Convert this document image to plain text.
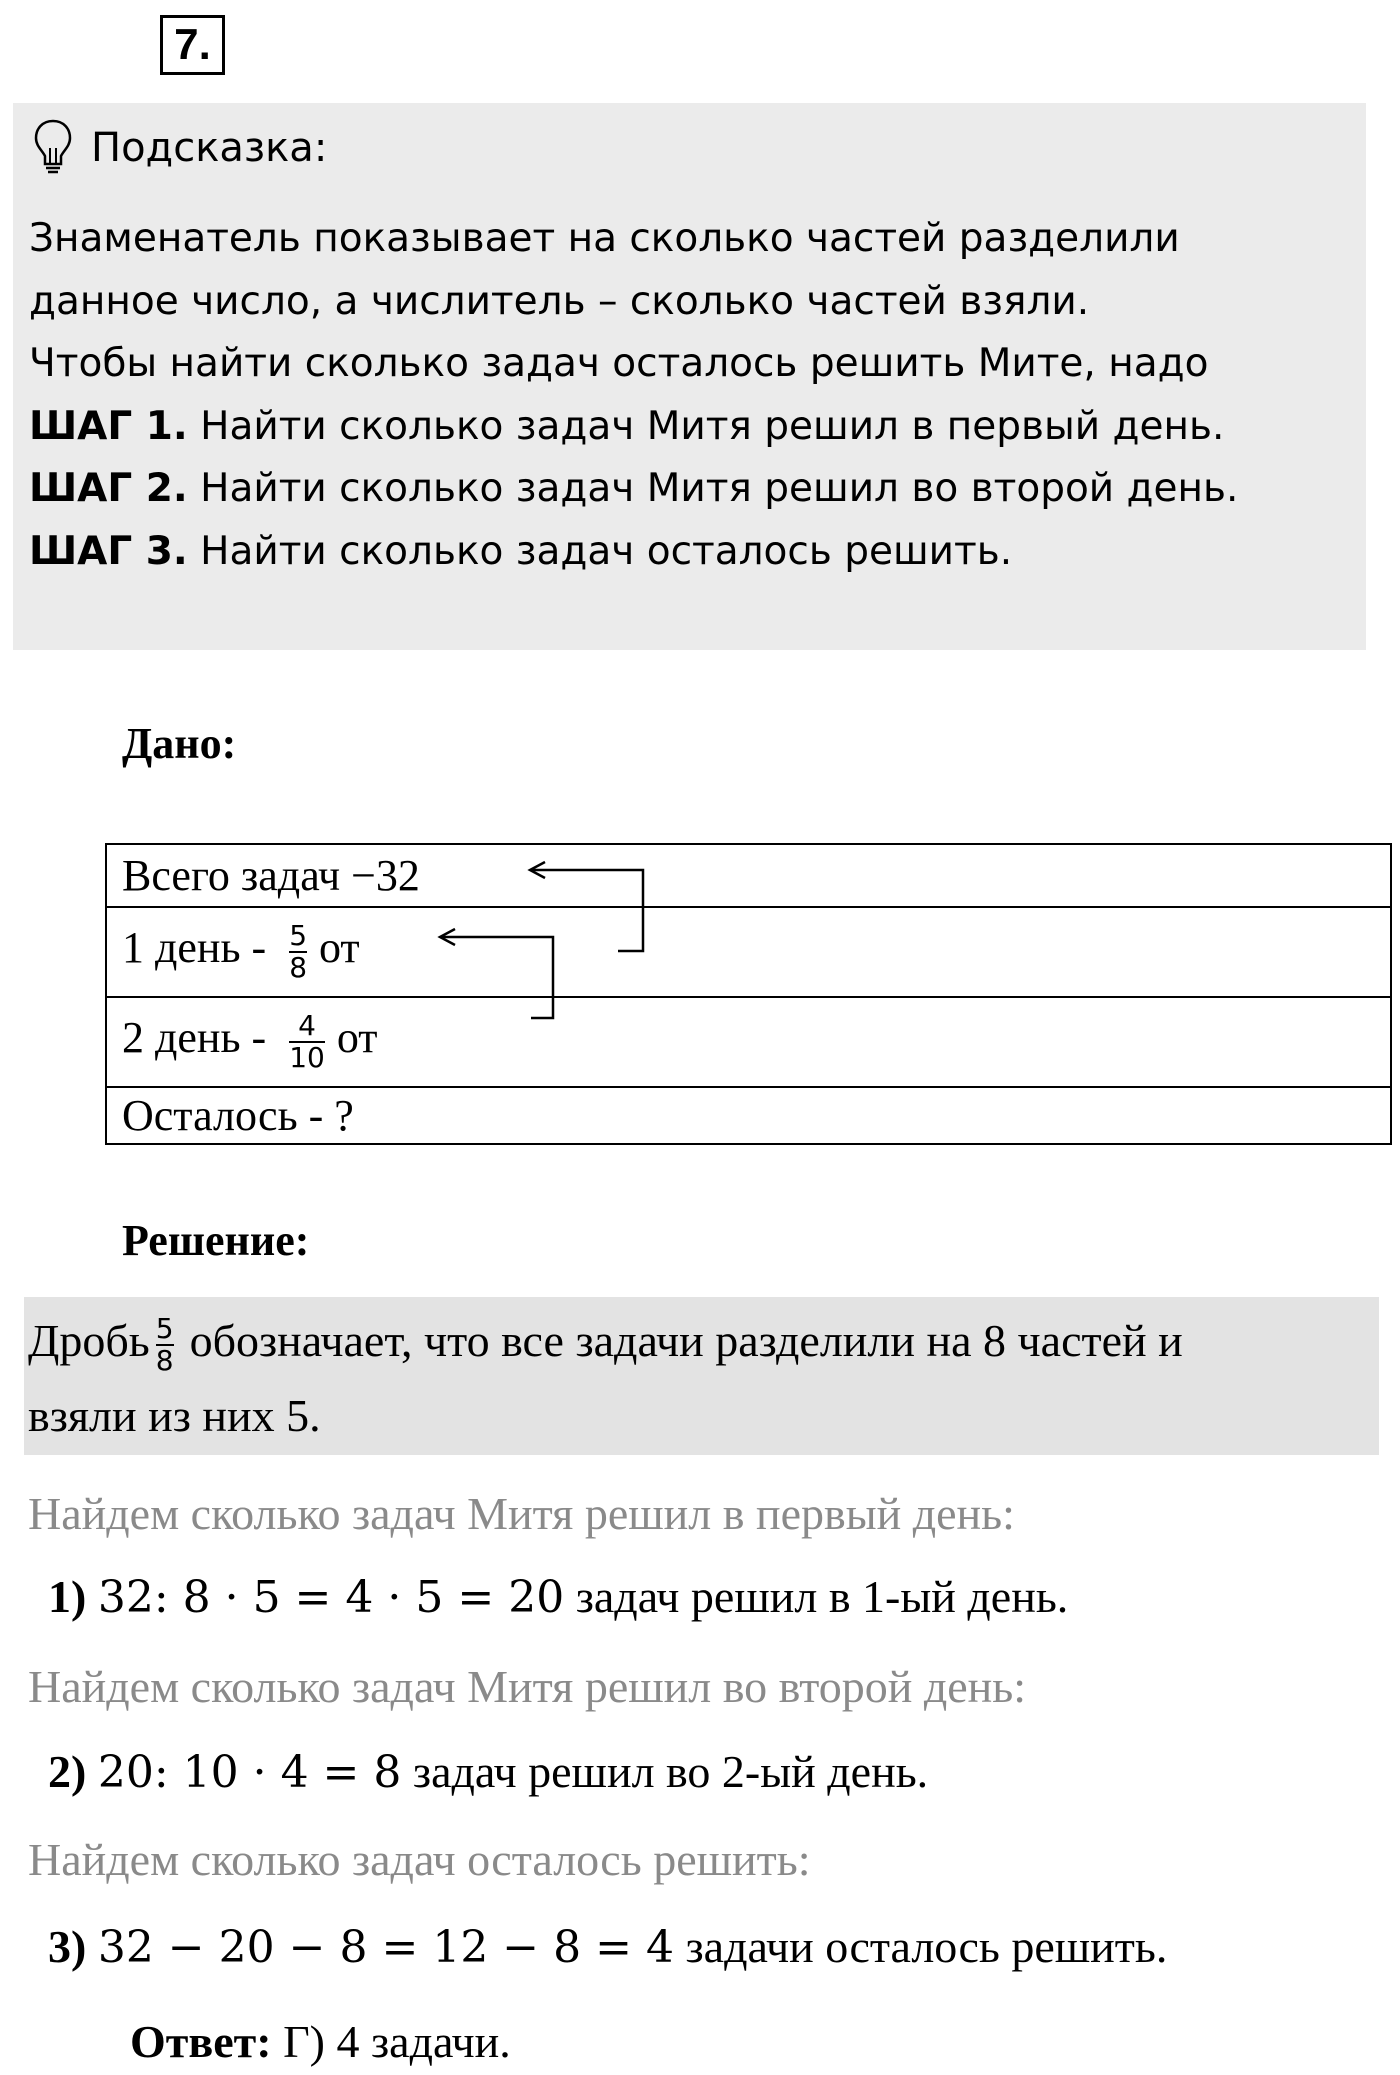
7.
Подсказка:
Знаменатель показывает на сколько частей разделили
данное число, а числитель – сколько частей взяли.
Чтобы найти сколько задач осталось решить Мите, надо
ШАГ 1. Найти сколько задач Митя решил в первый день.
ШАГ 2. Найти сколько задач Митя решил во второй день.
ШАГ 3. Найти сколько задач осталось решить.
Дано:
Всего задач −32
1 день - $\frac{5}{8}$ от
2 день - $\frac{4}{10}$ от
Осталось - ?
Решение:
Дробь $\frac{5}{8}$ обозначает, что все задачи разделили на 8 частей и
взяли из них 5.
Найдем сколько задач Митя решил в первый день:
1) 32: 8 · 5 = 4 · 5 = 20 задач решил в 1-ый день.
Найдем сколько задач Митя решил во второй день:
2) 20: 10 · 4 = 8 задач решил во 2-ый день.
Найдем сколько задач осталось решить:
3) 32 − 20 − 8 = 12 − 8 = 4 задачи осталось решить.
Ответ: Г) 4 задачи.
